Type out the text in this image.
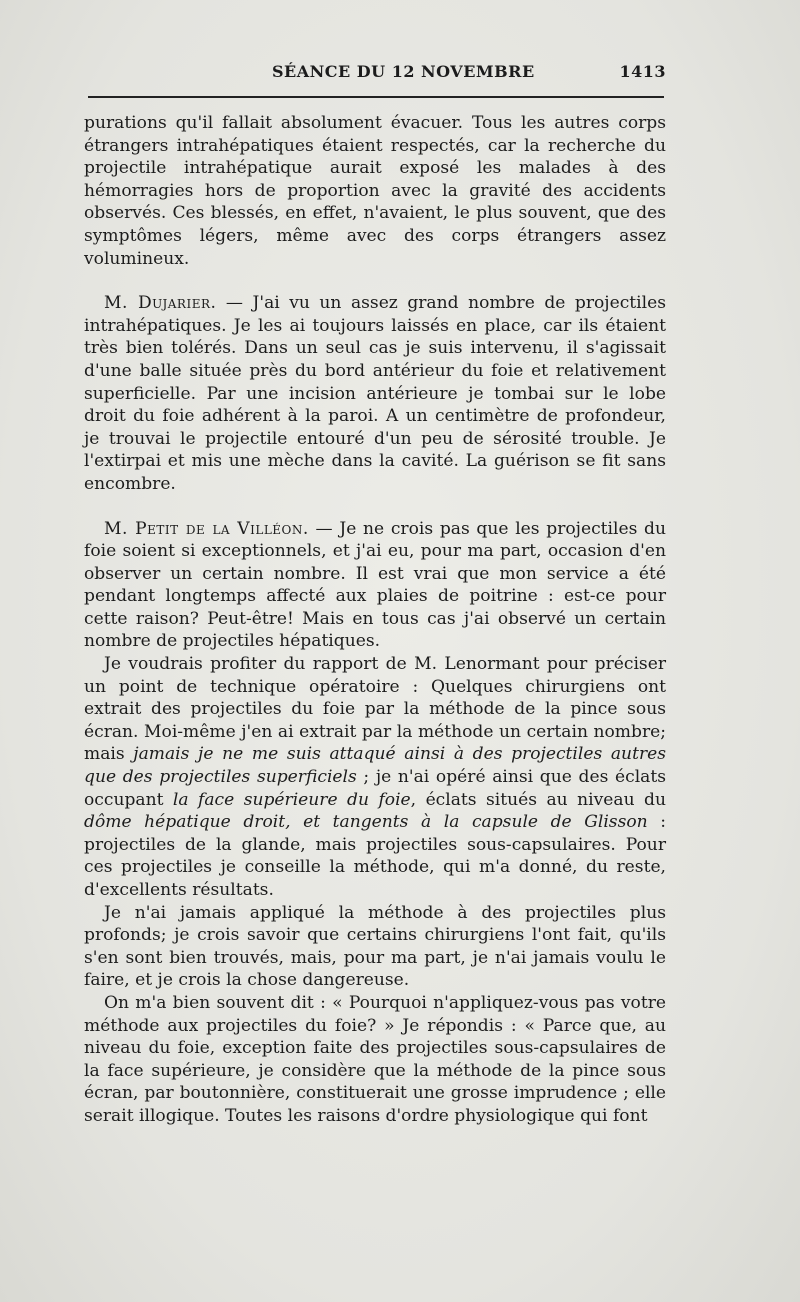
SÉANCE DU 12 NOVEMBRE	1413

purations qu'il fallait absolument évacuer. Tous les autres corps étrangers intrahépatiques étaient respectés, car la recherche du projectile intrahépatique aurait exposé les malades à des hémorragies hors de proportion avec la gravité des accidents observés. Ces blessés, en effet, n'avaient, le plus souvent, que des symptômes légers, même avec des corps étrangers assez volumineux.

M. Dujarier. — J'ai vu un assez grand nombre de projectiles intrahépatiques. Je les ai toujours laissés en place, car ils étaient très bien tolérés. Dans un seul cas je suis intervenu, il s'agissait d'une balle située près du bord antérieur du foie et relativement superficielle. Par une incision antérieure je tombai sur le lobe droit du foie adhérent à la paroi. A un centimètre de profondeur, je trouvai le projectile entouré d'un peu de sérosité trouble. Je l'extirpai et mis une mèche dans la cavité. La guérison se fit sans encombre.

M. Petit de la Villéon. — Je ne crois pas que les projectiles du foie soient si exceptionnels, et j'ai eu, pour ma part, occasion d'en observer un certain nombre. Il est vrai que mon service a été pendant longtemps affecté aux plaies de poitrine : est-ce pour cette raison? Peut-être! Mais en tous cas j'ai observé un certain nombre de projectiles hépatiques.

Je voudrais profiter du rapport de M. Lenormant pour préciser un point de technique opératoire : Quelques chirurgiens ont extrait des projectiles du foie par la méthode de la pince sous écran. Moi-même j'en ai extrait par la méthode un certain nombre; mais jamais je ne me suis attaqué ainsi à des projectiles autres que des projectiles superficiels ; je n'ai opéré ainsi que des éclats occupant la face supérieure du foie, éclats situés au niveau du dôme hépatique droit, et tangents à la capsule de Glisson : projectiles de la glande, mais projectiles sous-capsulaires. Pour ces projectiles je conseille la méthode, qui m'a donné, du reste, d'excellents résultats.

Je n'ai jamais appliqué la méthode à des projectiles plus profonds; je crois savoir que certains chirurgiens l'ont fait, qu'ils s'en sont bien trouvés, mais, pour ma part, je n'ai jamais voulu le faire, et je crois la chose dangereuse.

On m'a bien souvent dit : « Pourquoi n'appliquez-vous pas votre méthode aux projectiles du foie? » Je répondis : « Parce que, au niveau du foie, exception faite des projectiles sous-capsulaires de la face supérieure, je considère que la méthode de la pince sous écran, par boutonnière, constituerait une grosse imprudence ; elle serait illogique. Toutes les raisons d'ordre physiologique qui font
